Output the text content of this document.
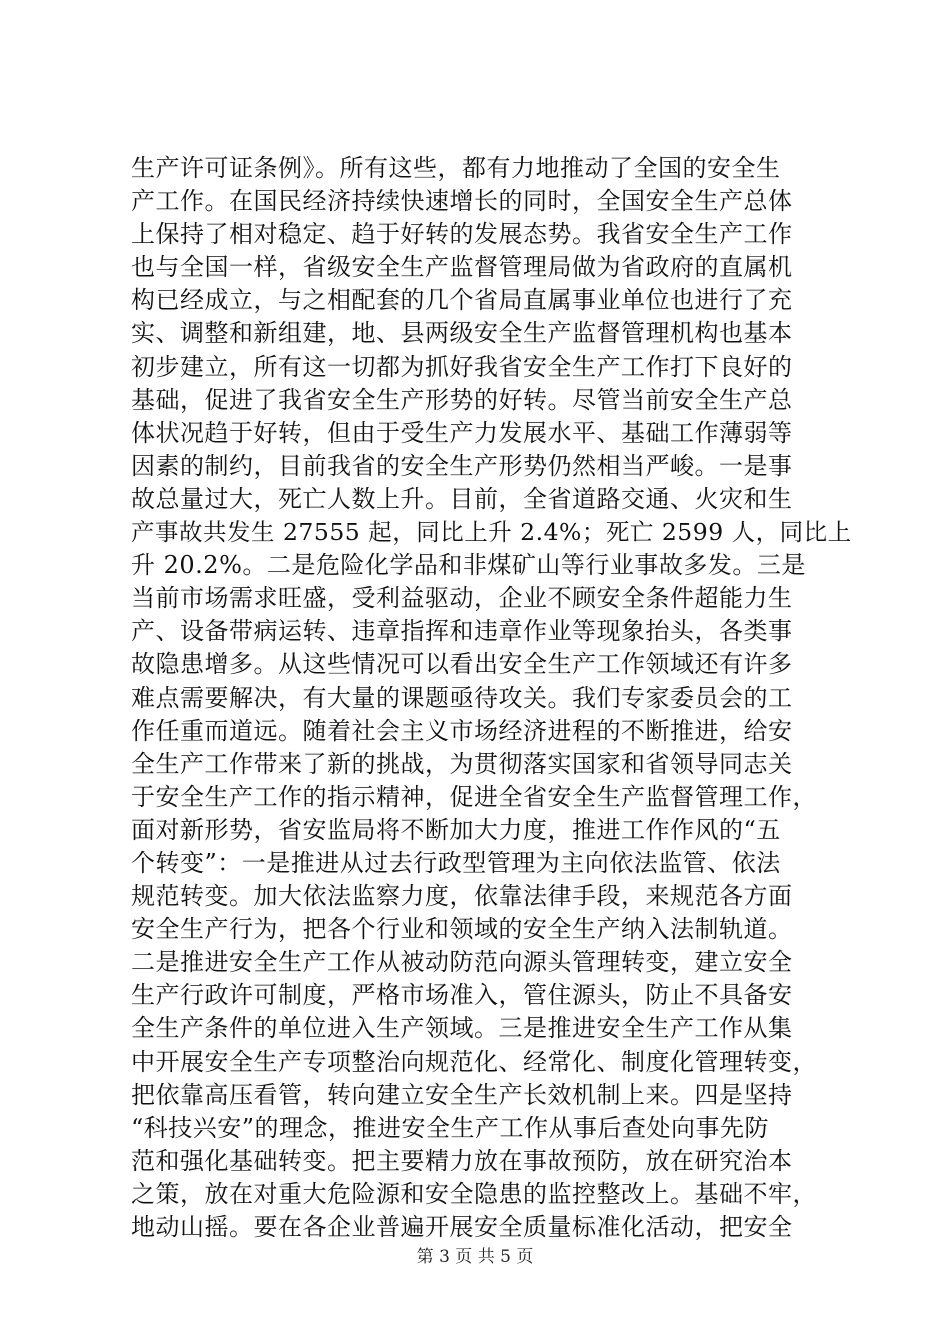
生产许可证条例》。所有这些，都有力地推动了全国的安全生
产工作。在国民经济持续快速增长的同时，全国安全生产总体
上保持了相对稳定、趋于好转的发展态势。我省安全生产工作
也与全国一样，省级安全生产监督管理局做为省政府的直属机
构已经成立，与之相配套的几个省局直属事业单位也进行了充
实、调整和新组建，地、县两级安全生产监督管理机构也基本
初步建立，所有这一切都为抓好我省安全生产工作打下良好的
基础，促进了我省安全生产形势的好转。尽管当前安全生产总
体状况趋于好转，但由于受生产力发展水平、基础工作薄弱等
因素的制约，目前我省的安全生产形势仍然相当严峻。一是事
故总量过大，死亡人数上升。目前，全省道路交通、火灾和生
产事故共发生 27555 起，同比上升 2.4%；死亡 2599 人，同比上
升 20.2%。二是危险化学品和非煤矿山等行业事故多发。三是
当前市场需求旺盛，受利益驱动，企业不顾安全条件超能力生
产、设备带病运转、违章指挥和违章作业等现象抬头，各类事
故隐患增多。从这些情况可以看出安全生产工作领域还有许多
难点需要解决，有大量的课题亟待攻关。我们专家委员会的工
作任重而道远。随着社会主义市场经济进程的不断推进，给安
全生产工作带来了新的挑战，为贯彻落实国家和省领导同志关
于安全生产工作的指示精神，促进全省安全生产监督管理工作，
面对新形势，省安监局将不断加大力度，推进工作作风的“五
个转变”：一是推进从过去行政型管理为主向依法监管、依法
规范转变。加大依法监察力度，依靠法律手段，来规范各方面
安全生产行为，把各个行业和领域的安全生产纳入法制轨道。
二是推进安全生产工作从被动防范向源头管理转变，建立安全
生产行政许可制度，严格市场准入，管住源头，防止不具备安
全生产条件的单位进入生产领域。三是推进安全生产工作从集
中开展安全生产专项整治向规范化、经常化、制度化管理转变，
把依靠高压看管，转向建立安全生产长效机制上来。四是坚持
“科技兴安”的理念，推进安全生产工作从事后查处向事先防
范和强化基础转变。把主要精力放在事故预防，放在研究治本
之策，放在对重大危险源和安全隐患的监控整改上。基础不牢，
地动山摇。要在各企业普遍开展安全质量标准化活动，把安全
第 3 页 共 5 页
